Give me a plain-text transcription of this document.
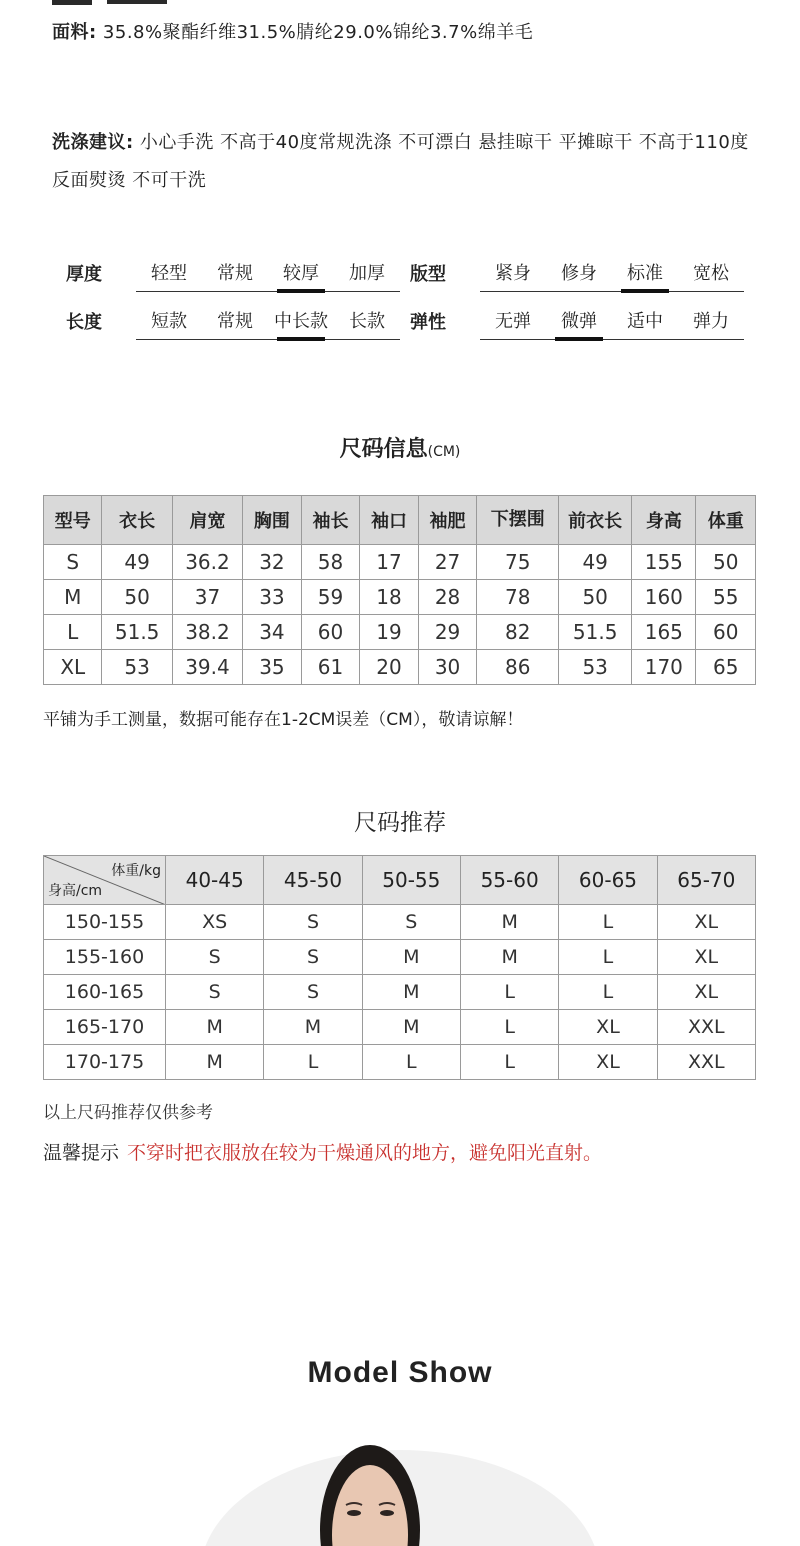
面料: 35.8%聚酯纤维31.5%腈纶29.0%锦纶3.7%绵羊毛
洗涤建议: 小心手洗 不高于40度常规洗涤 不可漂白 悬挂晾干 平摊晾干 不高于110度反面熨烫 不可干洗
厚度	轻型	常规	较厚	加厚	版型	紧身	修身	标准	宽松
长度	短款	常规	中长款	长款	弹性	无弹	微弹	适中	弹力
尺码信息(CM)
型号	衣长	肩宽	胸围	袖长	袖口	袖肥	下摆围	前衣长	身高	体重
S	49	36.2	32	58	17	27	75	49	155	50
M	50	37	33	59	18	28	78	50	160	55
L	51.5	38.2	34	60	19	29	82	51.5	165	60
XL	53	39.4	35	61	20	30	86	53	170	65
平铺为手工测量，数据可能存在1-2CM误差（CM），敬请谅解！
尺码推荐
体重/kg
身高/cm	40-45	45-50	50-55	55-60	60-65	65-70
150-155	XS	S	S	M	L	XL
155-160	S	S	M	M	L	XL
160-165	S	S	M	L	L	XL
165-170	M	M	M	L	XL	XXL
170-175	M	L	L	L	XL	XXL
以上尺码推荐仅供参考
温馨提示 不穿时把衣服放在较为干燥通风的地方，避免阳光直射。
Model Show
